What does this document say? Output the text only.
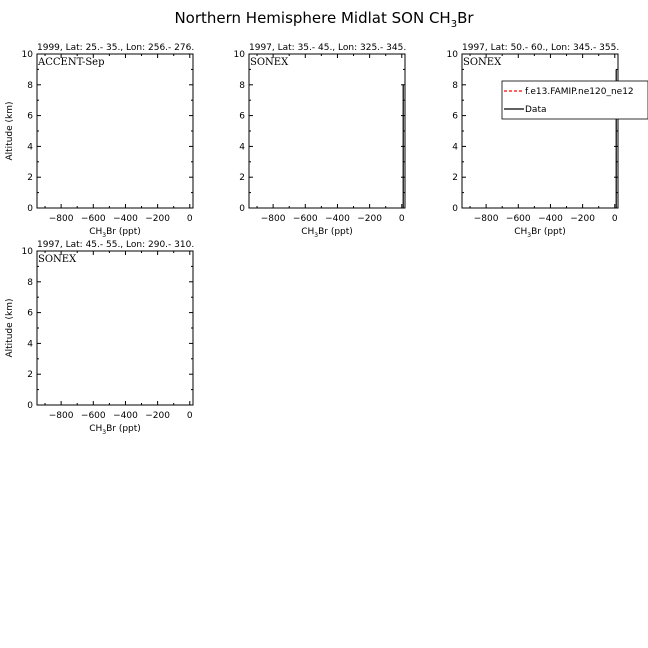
Northern Hemisphere Midlat SON $CH_3Br$
0
2
4
6
8
10
−800 −600 −400 −200 0
1999, Lat: 25.- 35., Lon: 256.- 276.
ACCENT-Sep
$CH_3Br$ (ppt)
Altitude (km)
0
2
4
6
8
10
−800 −600 −400 −200 0
1997, Lat: 35.- 45., Lon: 325.- 345.
SONEX
$CH_3Br$ (ppt)
0
2
4
6
8
10
−800 −600 −400 −200 0
1997, Lat: 50.- 60., Lon: 345.- 355.
SONEX
$CH_3Br$ (ppt)
f.e13.FAMIP.ne120_ne12
Data
0
2
4
6
8
10
−800 −600 −400 −200 0
1997, Lat: 45.- 55., Lon: 290.- 310.
SONEX
$CH_3Br$ (ppt)
Altitude (km)
